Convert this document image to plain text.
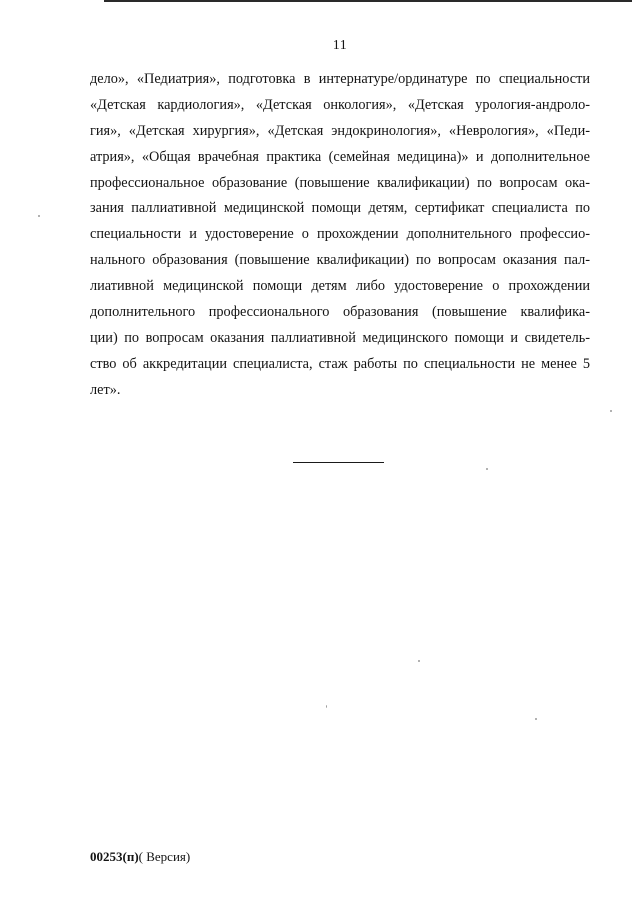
11
дело», «Педиатрия», подготовка в интернатуре/ординатуре по специальности
«Детская кардиология», «Детская онкология», «Детская урология-андроло-
гия», «Детская хирургия», «Детская эндокринология», «Неврология», «Педи-
атрия», «Общая врачебная практика (семейная медицина)» и дополнительное
профессиональное образование (повышение квалификации) по вопросам ока-
зания паллиативной медицинской помощи детям, сертификат специалиста по
специальности и удостоверение о прохождении дополнительного профессио-
нального образования (повышение квалификации) по вопросам оказания пал-
лиативной медицинской помощи детям либо удостоверение о прохождении
дополнительного профессионального образования (повышение квалифика-
ции) по вопросам оказания паллиативной медицинского помощи и свидетель-
ство об аккредитации специалиста, стаж работы по специальности не менее 5
лет».
00253(п)( Версия)
